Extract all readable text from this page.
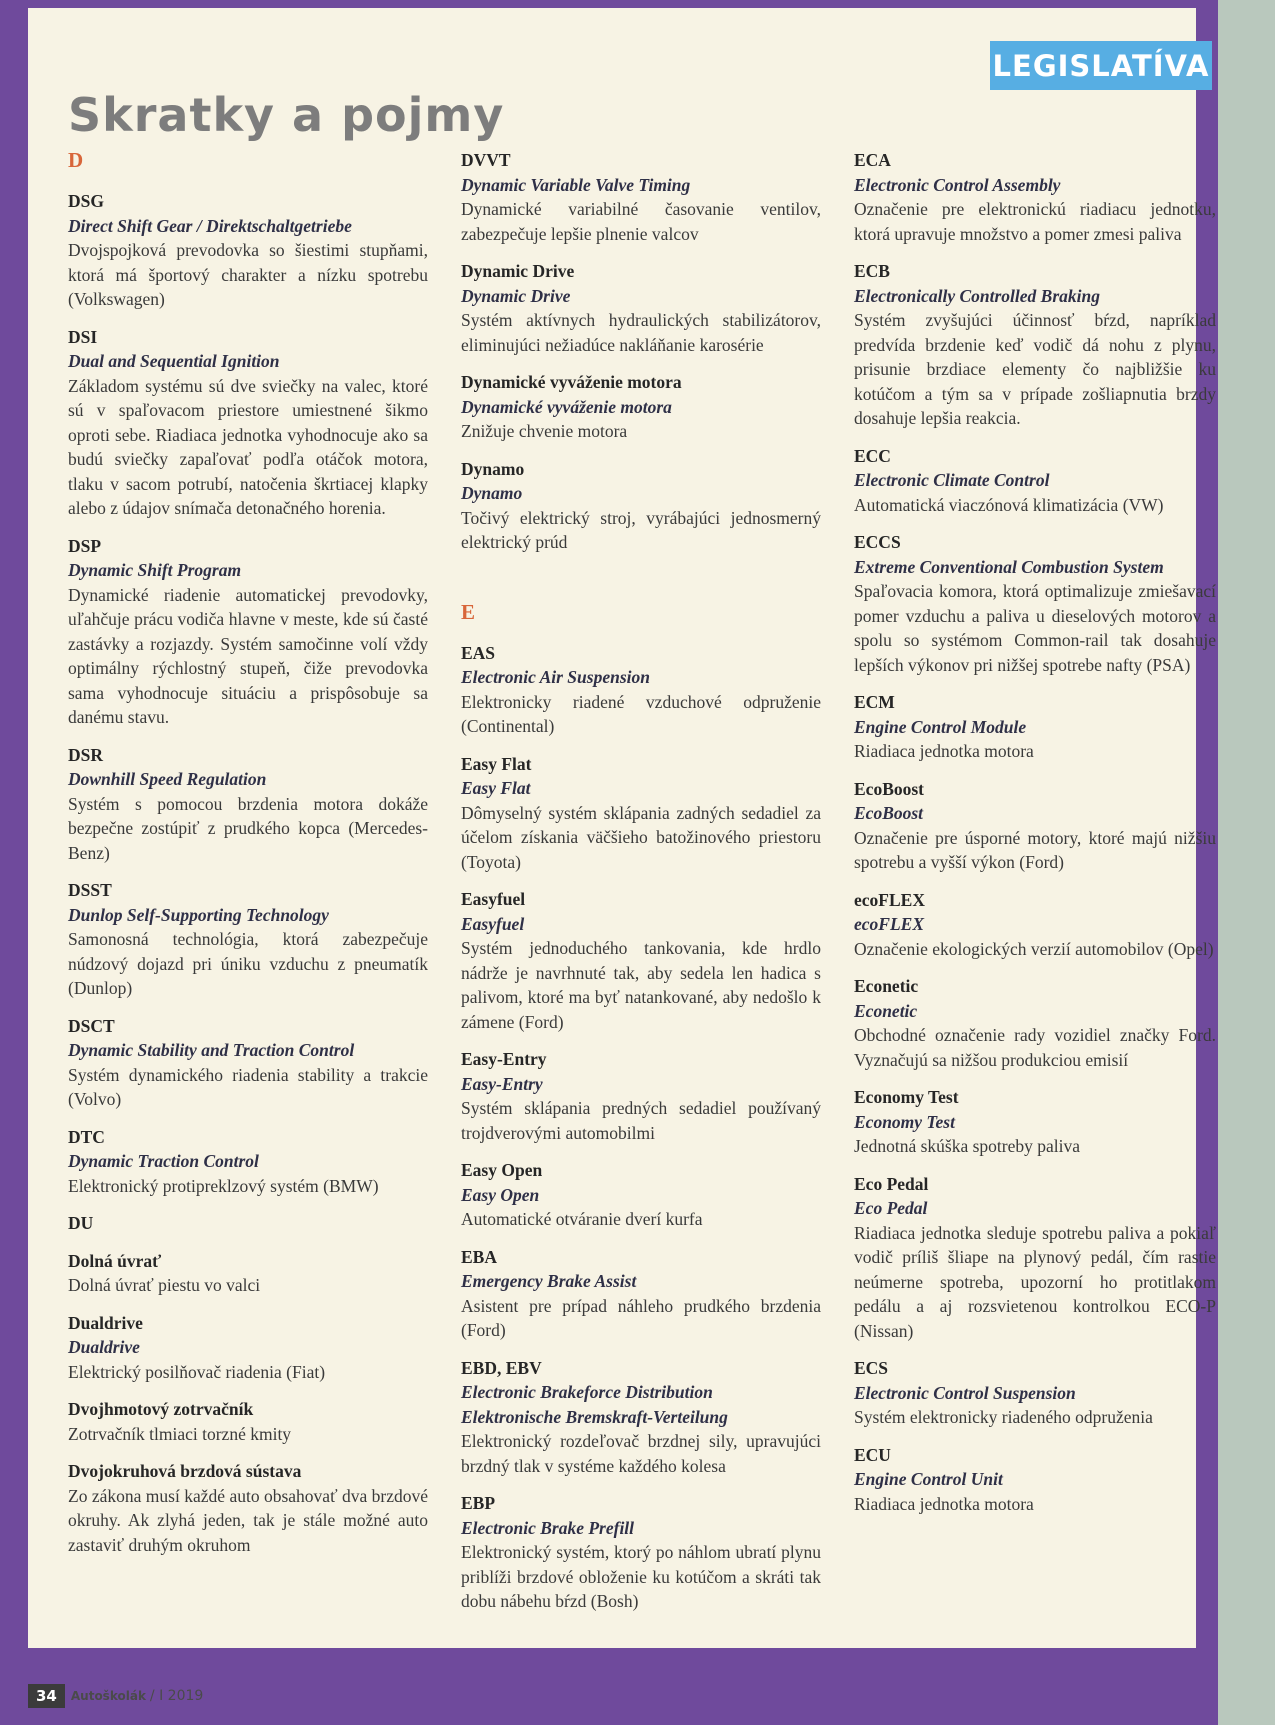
LEGISLATÍVA
Skratky a pojmy
D
DSG
Direct Shift Gear / Direktschaltgetriebe
Dvojspojková prevodovka so šiestimi stupňami, ktorá má športový charakter a nízku spotrebu (Volkswagen)
DSI
Dual and Sequential Ignition
Základom systému sú dve sviečky na valec, ktoré sú v spaľovacom priestore umiestnené šikmo oproti sebe. Riadiaca jednotka vyhodnocuje ako sa budú sviečky zapaľovať podľa otáčok motora, tlaku v sacom potrubí, natočenia škrtiacej klapky alebo z údajov snímača detonačného horenia.
DSP
Dynamic Shift Program
Dynamické riadenie automatickej prevodovky, uľahčuje prácu vodiča hlavne v meste, kde sú časté zastávky a rozjazdy. Systém samočinne volí vždy optimálny rýchlostný stupeň, čiže prevodovka sama vyhodnocuje situáciu a prispôsobuje sa danému stavu.
DSR
Downhill Speed Regulation
Systém s pomocou brzdenia motora dokáže bezpečne zostúpiť z prudkého kopca (Mercedes-Benz)
DSST
Dunlop Self-Supporting Technology
Samonosná technológia, ktorá zabezpečuje núdzový dojazd pri úniku vzduchu z pneumatík (Dunlop)
DSCT
Dynamic Stability and Traction Control
Systém dynamického riadenia stability a trakcie (Volvo)
DTC
Dynamic Traction Control
Elektronický protipreklzový systém (BMW)
DU
Dolná úvrať
Dolná úvrať piestu vo valci
Dualdrive
Dualdrive
Elektrický posilňovač riadenia (Fiat)
Dvojhmotový zotrvačník
Zotrvačník tlmiaci torzné kmity
Dvojokruhová brzdová sústava
Zo zákona musí každé auto obsahovať dva brzdové okruhy. Ak zlyhá jeden, tak je stále možné auto zastaviť druhým okruhom
DVVT
Dynamic Variable Valve Timing
Dynamické variabilné časovanie ventilov, zabezpečuje lepšie plnenie valcov
Dynamic Drive
Dynamic Drive
Systém aktívnych hydraulických stabilizátorov, eliminujúci nežiadúce nakláňanie karosérie
Dynamické vyváženie motora
Dynamické vyváženie motora
Znižuje chvenie motora
Dynamo
Dynamo
Točivý elektrický stroj, vyrábajúci jednosmerný elektrický prúd
E
EAS
Electronic Air Suspension
Elektronicky riadené vzduchové odpruženie (Continental)
Easy Flat
Easy Flat
Dômyselný systém sklápania zadných sedadiel za účelom získania väčšieho batožinového priestoru (Toyota)
Easyfuel
Easyfuel
Systém jednoduchého tankovania, kde hrdlo nádrže je navrhnuté tak, aby sedela len hadica s palivom, ktoré ma byť natankované, aby nedošlo k zámene (Ford)
Easy-Entry
Easy-Entry
Systém sklápania predných sedadiel používaný trojdverovými automobilmi
Easy Open
Easy Open
Automatické otváranie dverí kurfa
EBA
Emergency Brake Assist
Asistent pre prípad náhleho prudkého brzdenia (Ford)
EBD, EBV
Electronic Brakeforce Distribution
Elektronische Bremskraft-Verteilung
Elektronický rozdeľovač brzdnej sily, upravujúci brzdný tlak v systéme každého kolesa
EBP
Electronic Brake Prefill
Elektronický systém, ktorý po náhlom ubratí plynu priblíži brzdové obloženie ku kotúčom a skráti tak dobu nábehu bŕzd (Bosh)
ECA
Electronic Control Assembly
Označenie pre elektronickú riadiacu jednotku, ktorá upravuje množstvo a pomer zmesi paliva
ECB
Electronically Controlled Braking
Systém zvyšujúci účinnosť bŕzd, napríklad predvída brzdenie keď vodič dá nohu z plynu, prisunie brzdiace elementy čo najbližšie ku kotúčom a tým sa v prípade zošliapnutia brzdy dosahuje lepšia reakcia.
ECC
Electronic Climate Control
Automatická viaczónová klimatizácia (VW)
ECCS
Extreme Conventional Combustion System
Spaľovacia komora, ktorá optimalizuje zmiešavací pomer vzduchu a paliva u dieselových motorov a spolu so systémom Common-rail tak dosahuje lepších výkonov pri nižšej spotrebe nafty (PSA)
ECM
Engine Control Module
Riadiaca jednotka motora
EcoBoost
EcoBoost
Označenie pre úsporné motory, ktoré majú nižšiu spotrebu a vyšší výkon (Ford)
ecoFLEX
ecoFLEX
Označenie ekologických verzií automobilov (Opel)
Econetic
Econetic
Obchodné označenie rady vozidiel značky Ford. Vyznačujú sa nižšou produkciou emisií
Economy Test
Economy Test
Jednotná skúška spotreby paliva
Eco Pedal
Eco Pedal
Riadiaca jednotka sleduje spotrebu paliva a pokiaľ vodič príliš šliape na plynový pedál, čím rastie neúmerne spotreba, upozorní ho protitlakom pedálu a aj rozsvietenou kontrolkou ECO-P (Nissan)
ECS
Electronic Control Suspension
Systém elektronicky riadeného odpruženia
ECU
Engine Control Unit
Riadiaca jednotka motora
34	Autoškolák / I 2019
